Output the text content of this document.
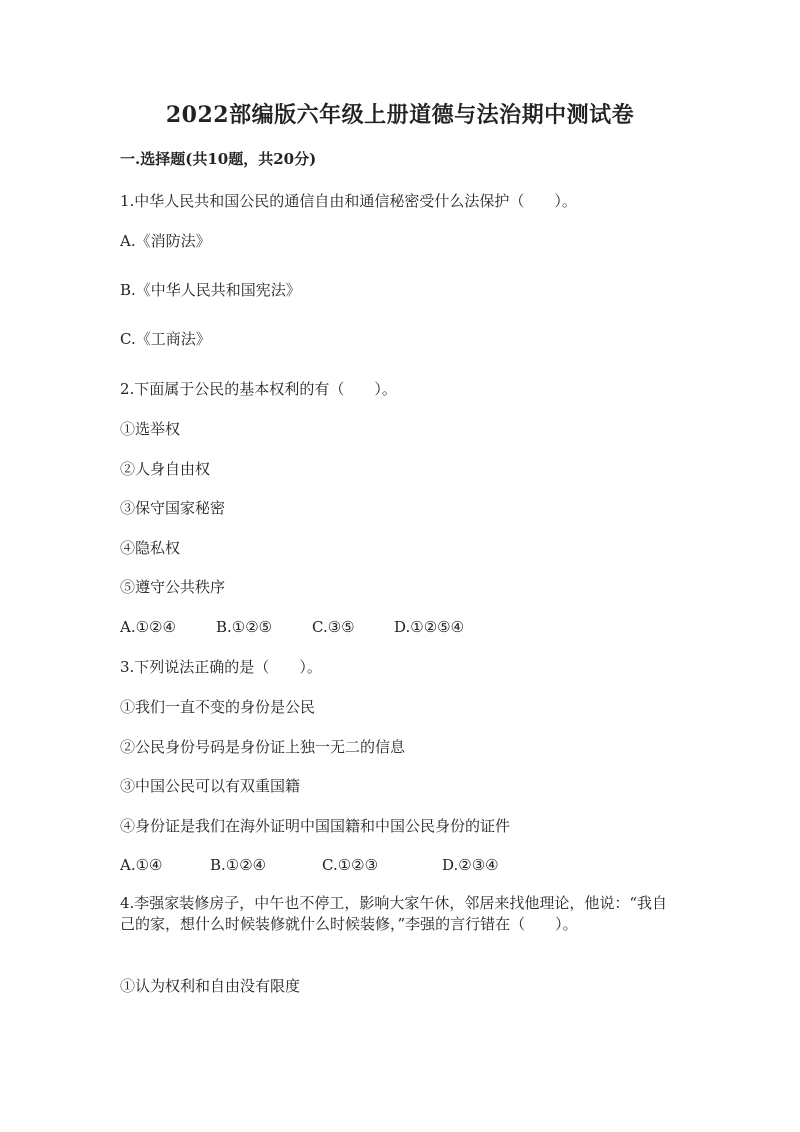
2022部编版六年级上册道德与法治期中测试卷
一.选择题(共10题，共20分)
1.中华人民共和国公民的通信自由和通信秘密受什么法保护（　　）。
A.《消防法》
B.《中华人民共和国宪法》
C.《工商法》
2.下面属于公民的基本权利的有（　　）。
①选举权
②人身自由权
③保守国家秘密
④隐私权
⑤遵守公共秩序
A.①②④	B.①②⑤	C.③⑤	D.①②⑤④
3.下列说法正确的是（　　）。
①我们一直不变的身份是公民
②公民身份号码是身份证上独一无二的信息
③中国公民可以有双重国籍
④身份证是我们在海外证明中国国籍和中国公民身份的证件
A.①④	B.①②④	C.①②③	D.②③④
4.李强家装修房子，中午也不停工，影响大家午休，邻居来找他理论，他说：“我自己的家，想什么时候装修就什么时候装修，”李强的言行错在（　　）。
①认为权利和自由没有限度
